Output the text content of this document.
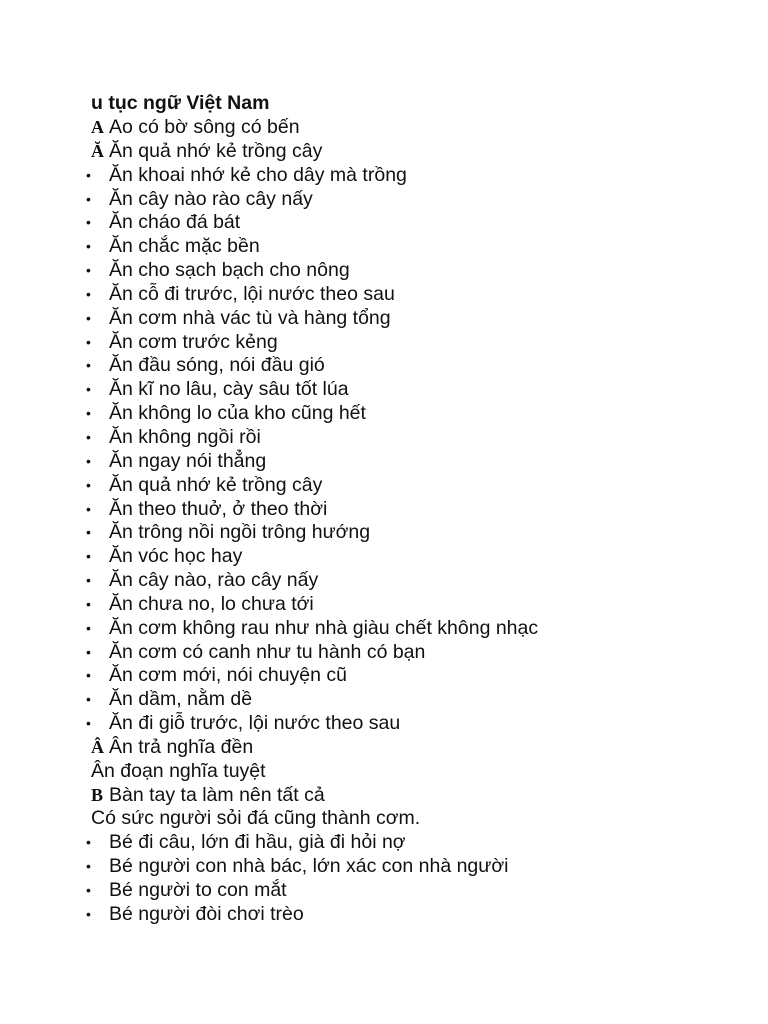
u tục ngữ Việt Nam
A Ao có bờ sông có bến
Ă Ăn quả nhớ kẻ trồng cây
• Ăn khoai nhớ kẻ cho dây mà trồng
• Ăn cây nào rào cây nấy
• Ăn cháo đá bát
• Ăn chắc mặc bền
• Ăn cho sạch bạch cho nông
• Ăn cỗ đi trước, lội nước theo sau
• Ăn cơm nhà vác tù và hàng tổng
• Ăn cơm trước kẻng
• Ăn đầu sóng, nói đầu gió
• Ăn kĩ no lâu, cày sâu tốt lúa
• Ăn không lo của kho cũng hết
• Ăn không ngồi rồi
• Ăn ngay nói thẳng
• Ăn quả nhớ kẻ trồng cây
• Ăn theo thuở, ở theo thời
• Ăn trông nồi ngồi trông hướng
• Ăn vóc học hay
• Ăn cây nào, rào cây nấy
• Ăn chưa no, lo chưa tới
• Ăn cơm không rau như nhà giàu chết không nhạc
• Ăn cơm có canh như tu hành có bạn
• Ăn cơm mới, nói chuyện cũ
• Ăn dầm, nằm dề
• Ăn đi giỗ trước, lội nước theo sau
Â Ân trả nghĩa đền
Ân đoạn nghĩa tuyệt
B Bàn tay ta làm nên tất cả
Có sức người sỏi đá cũng thành cơm.
• Bé đi câu, lớn đi hầu, già đi hỏi nợ
• Bé người con nhà bác, lớn xác con nhà người
• Bé người to con mắt
• Bé người đòi chơi trèo
